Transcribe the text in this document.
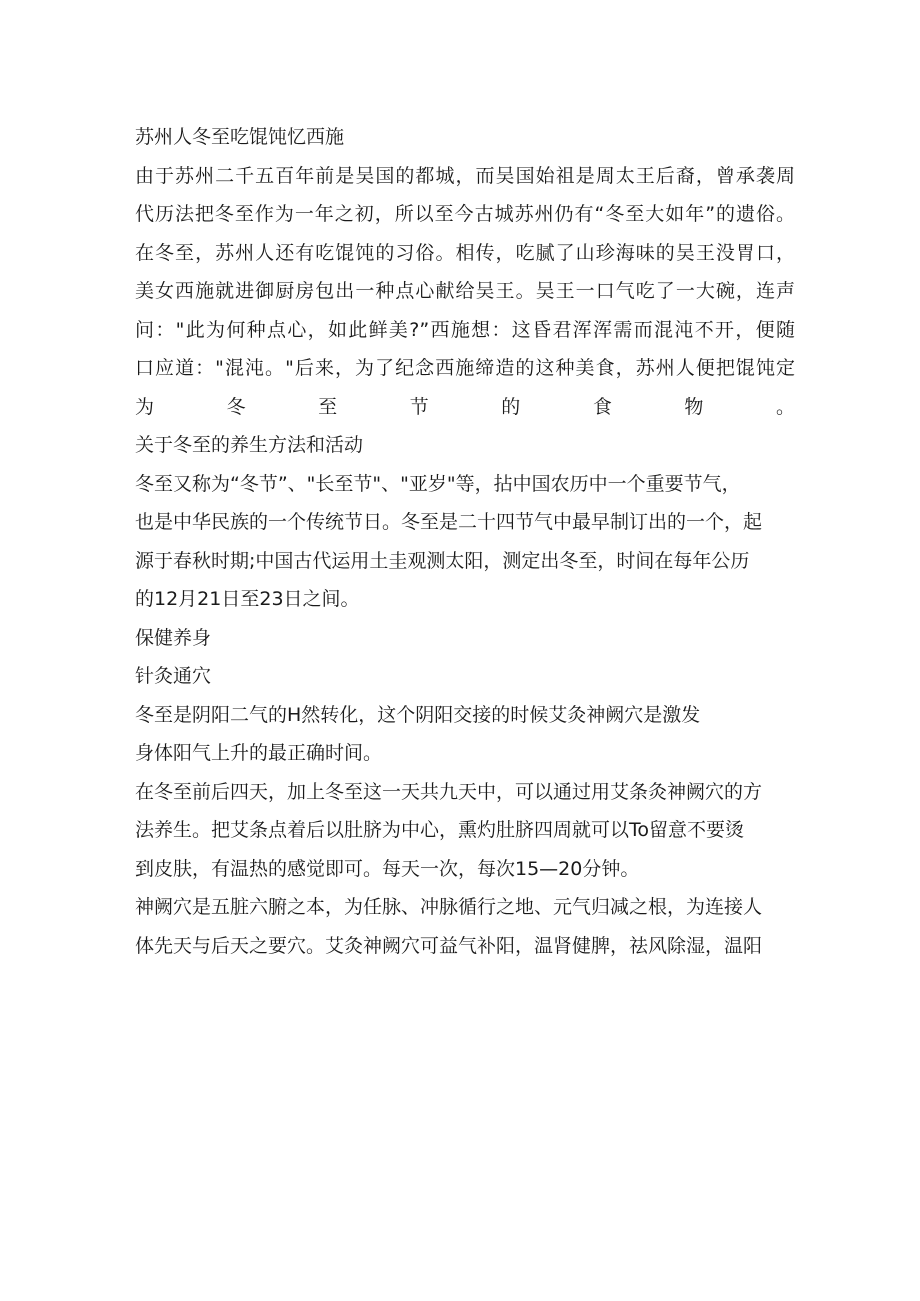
苏州人冬至吃馄饨忆西施

由于苏州二千五百年前是吴国的都城，而吴国始祖是周太王后裔，曾承袭周
代历法把冬至作为一年之初，所以至今古城苏州仍有“冬至大如年”的遗俗。
在冬至，苏州人还有吃馄饨的习俗。相传，吃腻了山珍海味的吴王没胃口，
美女西施就进御厨房包出一种点心献给吴王。吴王一口气吃了一大碗，连声
问："此为何种点心，如此鲜美?”西施想：这昏君浑浑需而混沌不开，便随
口应道："混沌。"后来，为了纪念西施缔造的这种美食，苏州人便把馄饨定
为冬至节的食物。

关于冬至的养生方法和活动

冬至又称为“冬节”、"长至节"、"亚岁"等，拈中国农历中一个重要节气，
也是中华民族的一个传统节日。冬至是二十四节气中最早制订出的一个，起
源于春秋时期;中国古代运用土圭观测太阳，测定出冬至，时间在每年公历
的12月21日至23日之间。

保健养身

针灸通穴

冬至是阴阳二气的H然转化，这个阴阳交接的时候艾灸神阙穴是激发

身体阳气上升的最正确时间。

在冬至前后四天，加上冬至这一天共九天中，可以通过用艾条灸神阙穴的方
法养生。把艾条点着后以肚脐为中心，熏灼肚脐四周就可以To留意不要烫
到皮肤，有温热的感觉即可。每天一次，每次15—20分钟。

神阙穴是五脏六腑之本，为任脉、冲脉循行之地、元气归减之根，为连接人
体先天与后天之要穴。艾灸神阙穴可益气补阳，温肾健脾，祛风除湿，温阳
